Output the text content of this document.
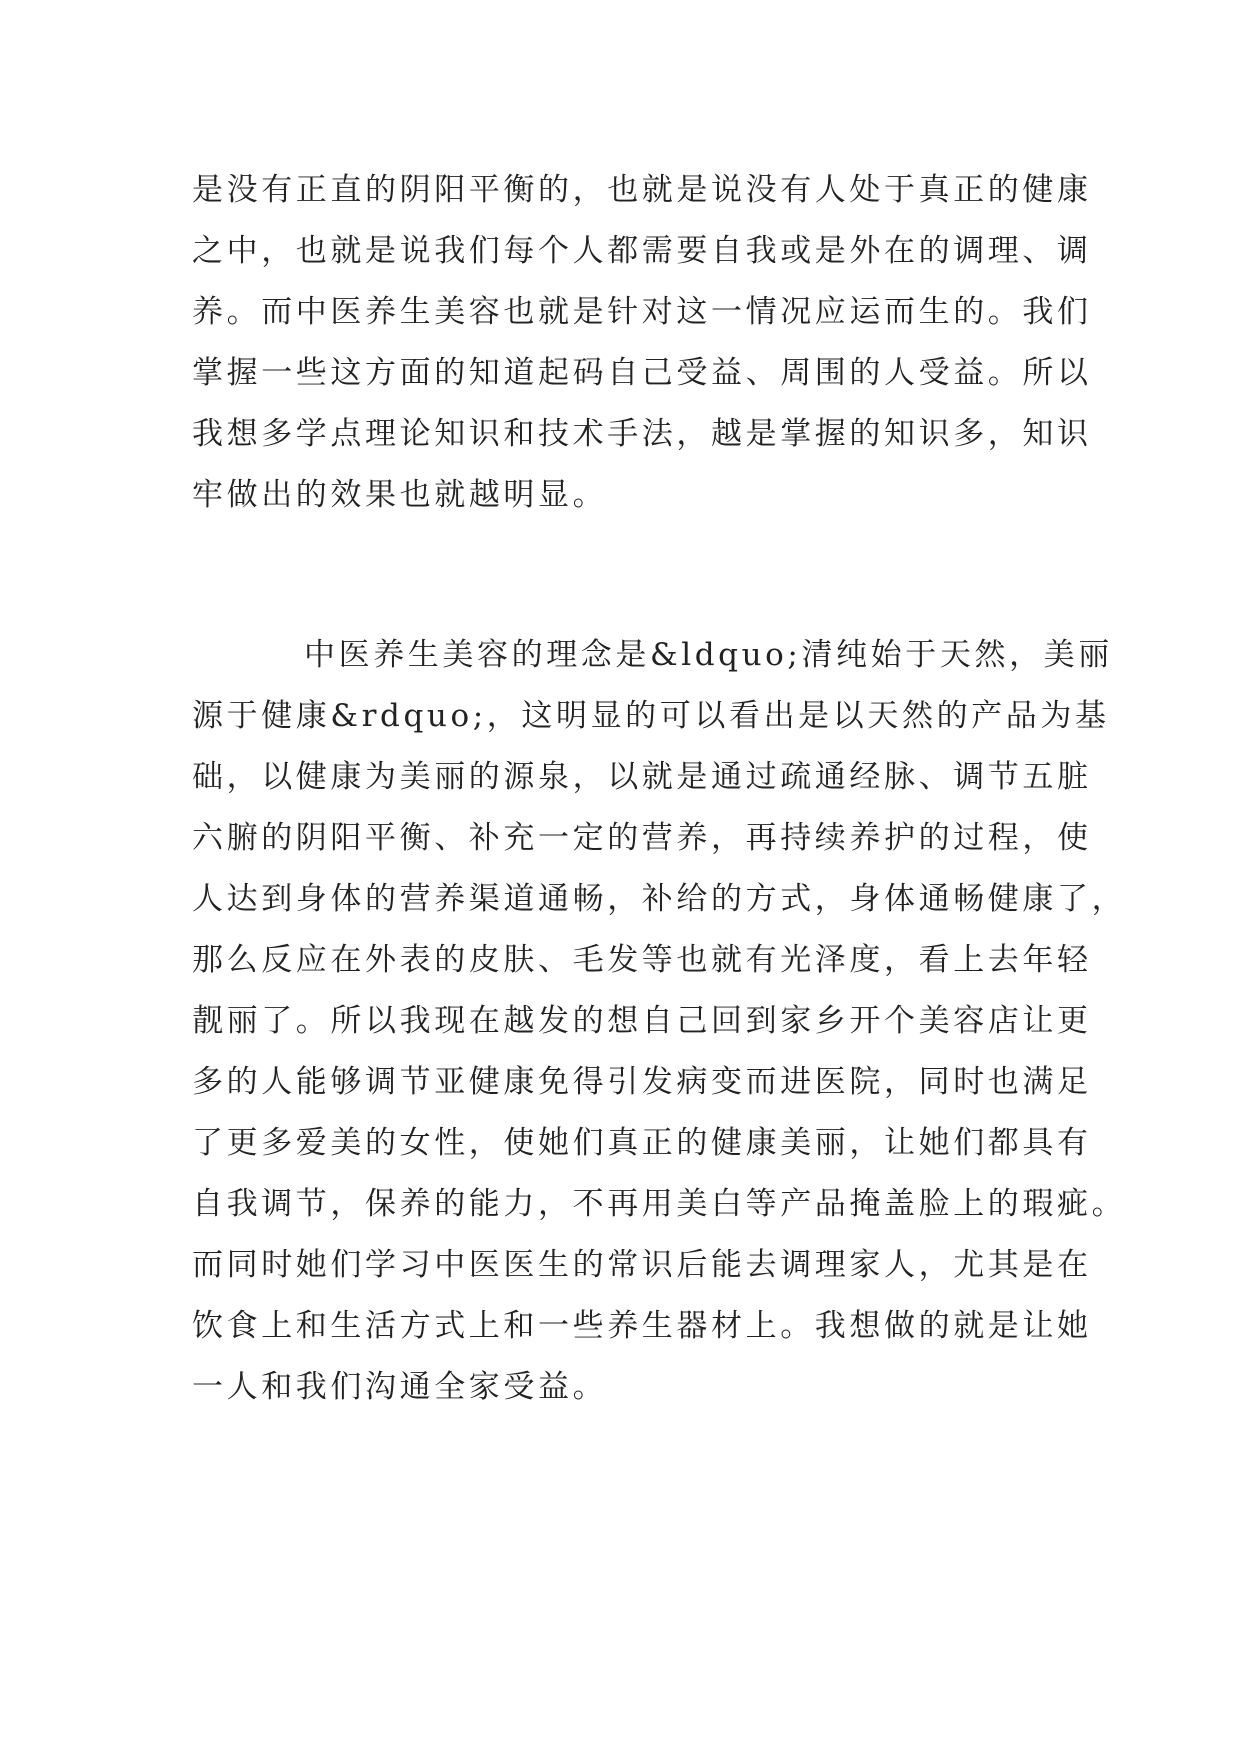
是没有正直的阴阳平衡的，也就是说没有人处于真正的健康
之中，也就是说我们每个人都需要自我或是外在的调理、调
养。而中医养生美容也就是针对这一情况应运而生的。我们
掌握一些这方面的知道起码自己受益、周围的人受益。所以
我想多学点理论知识和技术手法，越是掌握的知识多，知识
牢做出的效果也就越明显。
中医养生美容的理念是&ldquo;清纯始于天然，美丽
源于健康&rdquo;，这明显的可以看出是以天然的产品为基
础，以健康为美丽的源泉，以就是通过疏通经脉、调节五脏
六腑的阴阳平衡、补充一定的营养，再持续养护的过程，使
人达到身体的营养渠道通畅，补给的方式，身体通畅健康了，
那么反应在外表的皮肤、毛发等也就有光泽度，看上去年轻
靓丽了。所以我现在越发的想自己回到家乡开个美容店让更
多的人能够调节亚健康免得引发病变而进医院，同时也满足
了更多爱美的女性，使她们真正的健康美丽，让她们都具有
自我调节，保养的能力，不再用美白等产品掩盖脸上的瑕疵。
而同时她们学习中医医生的常识后能去调理家人，尤其是在
饮食上和生活方式上和一些养生器材上。我想做的就是让她
一人和我们沟通全家受益。
